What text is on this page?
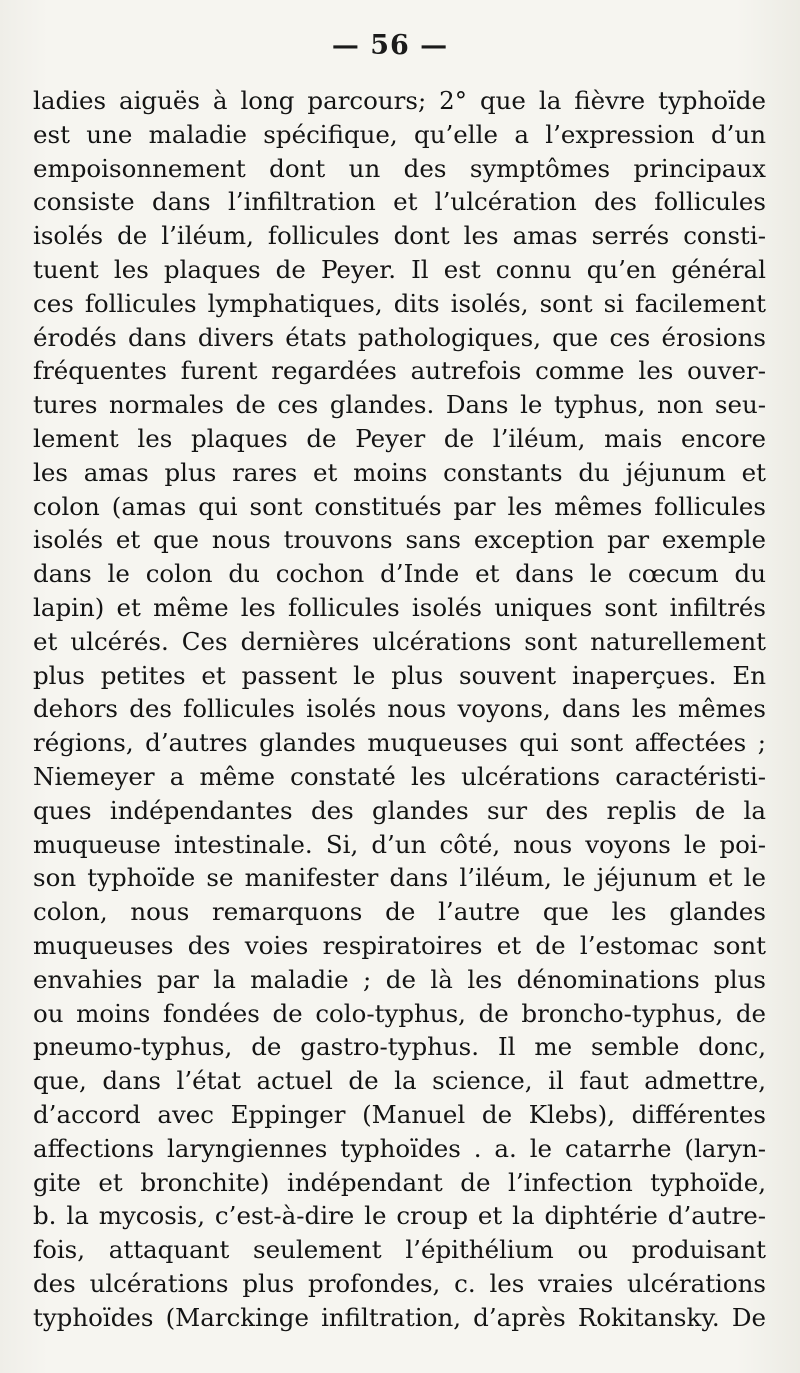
— 56 —
ladies aiguës à long parcours; 2° que la fièvre typhoïde
est une maladie spécifique, qu’elle a l’expression d’un
empoisonnement dont un des symptômes principaux
consiste dans l’infiltration et l’ulcération des follicules
isolés de l’iléum, follicules dont les amas serrés consti-
tuent les plaques de Peyer. Il est connu qu’en général
ces follicules lymphatiques, dits isolés, sont si facilement
érodés dans divers états pathologiques, que ces érosions
fréquentes furent regardées autrefois comme les ouver-
tures normales de ces glandes. Dans le typhus, non seu-
lement les plaques de Peyer de l’iléum, mais encore
les amas plus rares et moins constants du jéjunum et
colon (amas qui sont constitués par les mêmes follicules
isolés et que nous trouvons sans exception par exemple
dans le colon du cochon d’Inde et dans le cœcum du
lapin) et même les follicules isolés uniques sont infiltrés
et ulcérés. Ces dernières ulcérations sont naturellement
plus petites et passent le plus souvent inaperçues. En
dehors des follicules isolés nous voyons, dans les mêmes
régions, d’autres glandes muqueuses qui sont affectées ;
Niemeyer a même constaté les ulcérations caractéristi-
ques indépendantes des glandes sur des replis de la
muqueuse intestinale. Si, d’un côté, nous voyons le poi-
son typhoïde se manifester dans l’iléum, le jéjunum et le
colon, nous remarquons de l’autre que les glandes
muqueuses des voies respiratoires et de l’estomac sont
envahies par la maladie ; de là les dénominations plus
ou moins fondées de colo-typhus, de broncho-typhus, de
pneumo-typhus, de gastro-typhus. Il me semble donc,
que, dans l’état actuel de la science, il faut admettre,
d’accord avec Eppinger (Manuel de Klebs), différentes
affections laryngiennes typhoïdes . a. le catarrhe (laryn-
gite et bronchite) indépendant de l’infection typhoïde,
b. la mycosis, c’est-à-dire le croup et la diphtérie d’autre-
fois, attaquant seulement l’épithélium ou produisant
des ulcérations plus profondes, c. les vraies ulcérations
typhoïdes (Marckinge infiltration, d’après Rokitansky. De
